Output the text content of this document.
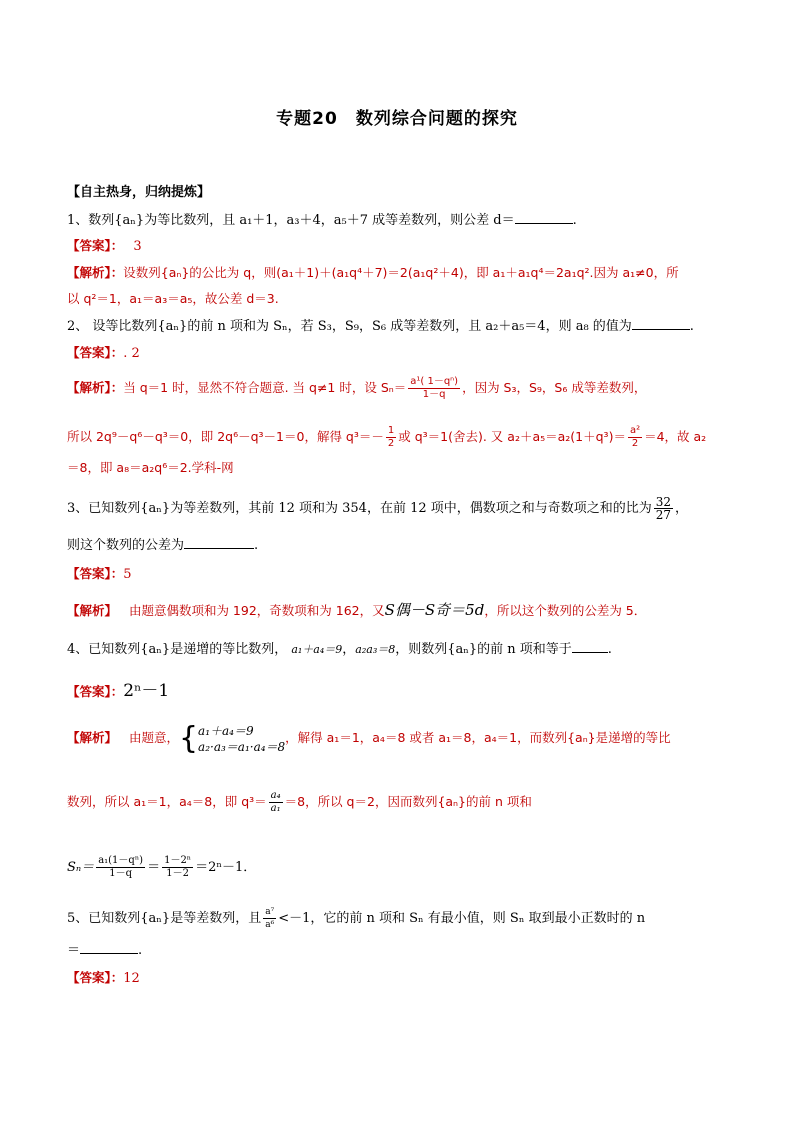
专题20　数列综合问题的探究
【自主热身，归纳提炼】
1、数列{aₙ}为等比数列，且 a₁＋1，a₃＋4，a₅＋7 成等差数列，则公差 d＝	.
【答案】： 3
【解析】：设数列{aₙ}的公比为 q，则(a₁＋1)＋(a₁q⁴＋7)＝2(a₁q²＋4)，即 a₁＋a₁q⁴＝2a₁q².因为 a₁≠0，所
以 q²＝1，a₁＝a₃＝a₅，故公差 d＝3.
2、 设等比数列{aₙ}的前 n 项和为 Sₙ，若 S₃，S₉，S₆ 成等差数列，且 a₂＋a₅＝4，则 a₈ 的值为	.
【答案】：. 2
【解析】：当 q＝1 时，显然不符合题意. 当 q≠1 时，设 $S_n= \frac{\text{a¹( 1－qⁿ)}}{1-q}$ ，因为 S₃，S₉，S₆ 成等差数列，
所以 2q⁹－q⁶－q³＝0，即 2q⁶－q³－1＝0，解得 $q^3=- \frac{1}{2}$ 或 q³＝1(舍去). 又 $a_2+a_5=a_2(1+q^3)= \frac{\text{a²}}{2} =4$，故 a₂
＝8，即 a₈＝a₂q⁶＝2.学科-网
3、已知数列{aₙ}为等差数列，其前 12 项和为 354，在前 12 项中，偶数项之和与奇数项之和的比为 $\frac{32}{27}$ ，
则这个数列的公差为	.
【答案】：5
【解析】 由题意偶数项和为 192，奇数项和为 162，又S偶－S奇＝5d，所以这个数列的公差为 5．
4、已知数列{aₙ}是递增的等比数列， a₁＋a₄＝9，a₂a₃＝8，则数列{aₙ}的前 n 项和等于	.
【答案】：2ⁿ－1
【解析】 由题意，{ a₁＋a₄＝9
a₂·a₃＝a₁·a₄＝8
，解得 a₁＝1，a₄＝8 或者 a₁＝8，a₄＝1，而数列{aₙ}是递增的等比
数列，所以 a₁＝1，a₄＝8，即 $q^3= \frac{\text{a₄}}{\text{a₁}} =8$，所以 q＝2，因而数列{aₙ}的前 n 项和
$S_n= \frac{\text{a₁(1－qⁿ)}}{1-q} = \frac{\text{1－2ⁿ}}{1-2} =2^n-1$．
5、已知数列{aₙ}是等差数列，且 $\frac{\text{a⁷}}{\text{a⁶}} <-1$，它的前 n 项和 Sₙ 有最小值，则 Sₙ 取到最小正数时的 n
＝	.
【答案】：12
